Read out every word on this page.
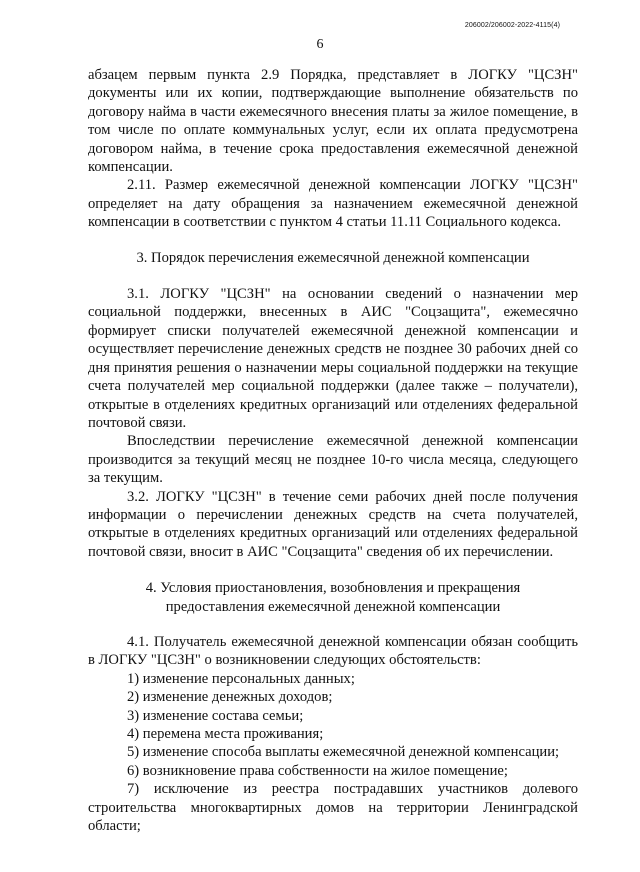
206002/206002-2022-4115(4)
6

абзацем первым пункта 2.9 Порядка, представляет в ЛОГКУ "ЦСЗН" документы или их копии, подтверждающие выполнение обязательств по договору найма в части ежемесячного внесения платы за жилое помещение, в том числе по оплате коммунальных услуг, если их оплата предусмотрена договором найма, в течение срока предоставления ежемесячной денежной компенсации.

2.11. Размер ежемесячной денежной компенсации ЛОГКУ "ЦСЗН" определяет на дату обращения за назначением ежемесячной денежной компенсации в соответствии с пунктом 4 статьи 11.11 Социального кодекса.

3. Порядок перечисления ежемесячной денежной компенсации

3.1. ЛОГКУ "ЦСЗН" на основании сведений о назначении мер социальной поддержки, внесенных в АИС "Соцзащита", ежемесячно формирует списки получателей ежемесячной денежной компенсации и осуществляет перечисление денежных средств не позднее 30 рабочих дней со дня принятия решения о назначении меры социальной поддержки на текущие счета получателей мер социальной поддержки (далее также – получатели), открытые в отделениях кредитных организаций или отделениях федеральной почтовой связи.

Впоследствии перечисление ежемесячной денежной компенсации производится за текущий месяц не позднее 10-го числа месяца, следующего за текущим.

3.2. ЛОГКУ "ЦСЗН" в течение семи рабочих дней после получения информации о перечислении денежных средств на счета получателей, открытые в отделениях кредитных организаций или отделениях федеральной почтовой связи, вносит в АИС "Соцзащита" сведения об их перечислении.

4. Условия приостановления, возобновления и прекращения
предоставления ежемесячной денежной компенсации

4.1. Получатель ежемесячной денежной компенсации обязан сообщить в ЛОГКУ "ЦСЗН" о возникновении следующих обстоятельств:

1) изменение персональных данных;

2) изменение денежных доходов;

3) изменение состава семьи;

4) перемена места проживания;

5) изменение способа выплаты ежемесячной денежной компенсации;

6) возникновение права собственности на жилое помещение;

7) исключение из реестра пострадавших участников долевого строительства многоквартирных домов на территории Ленинградской области;
